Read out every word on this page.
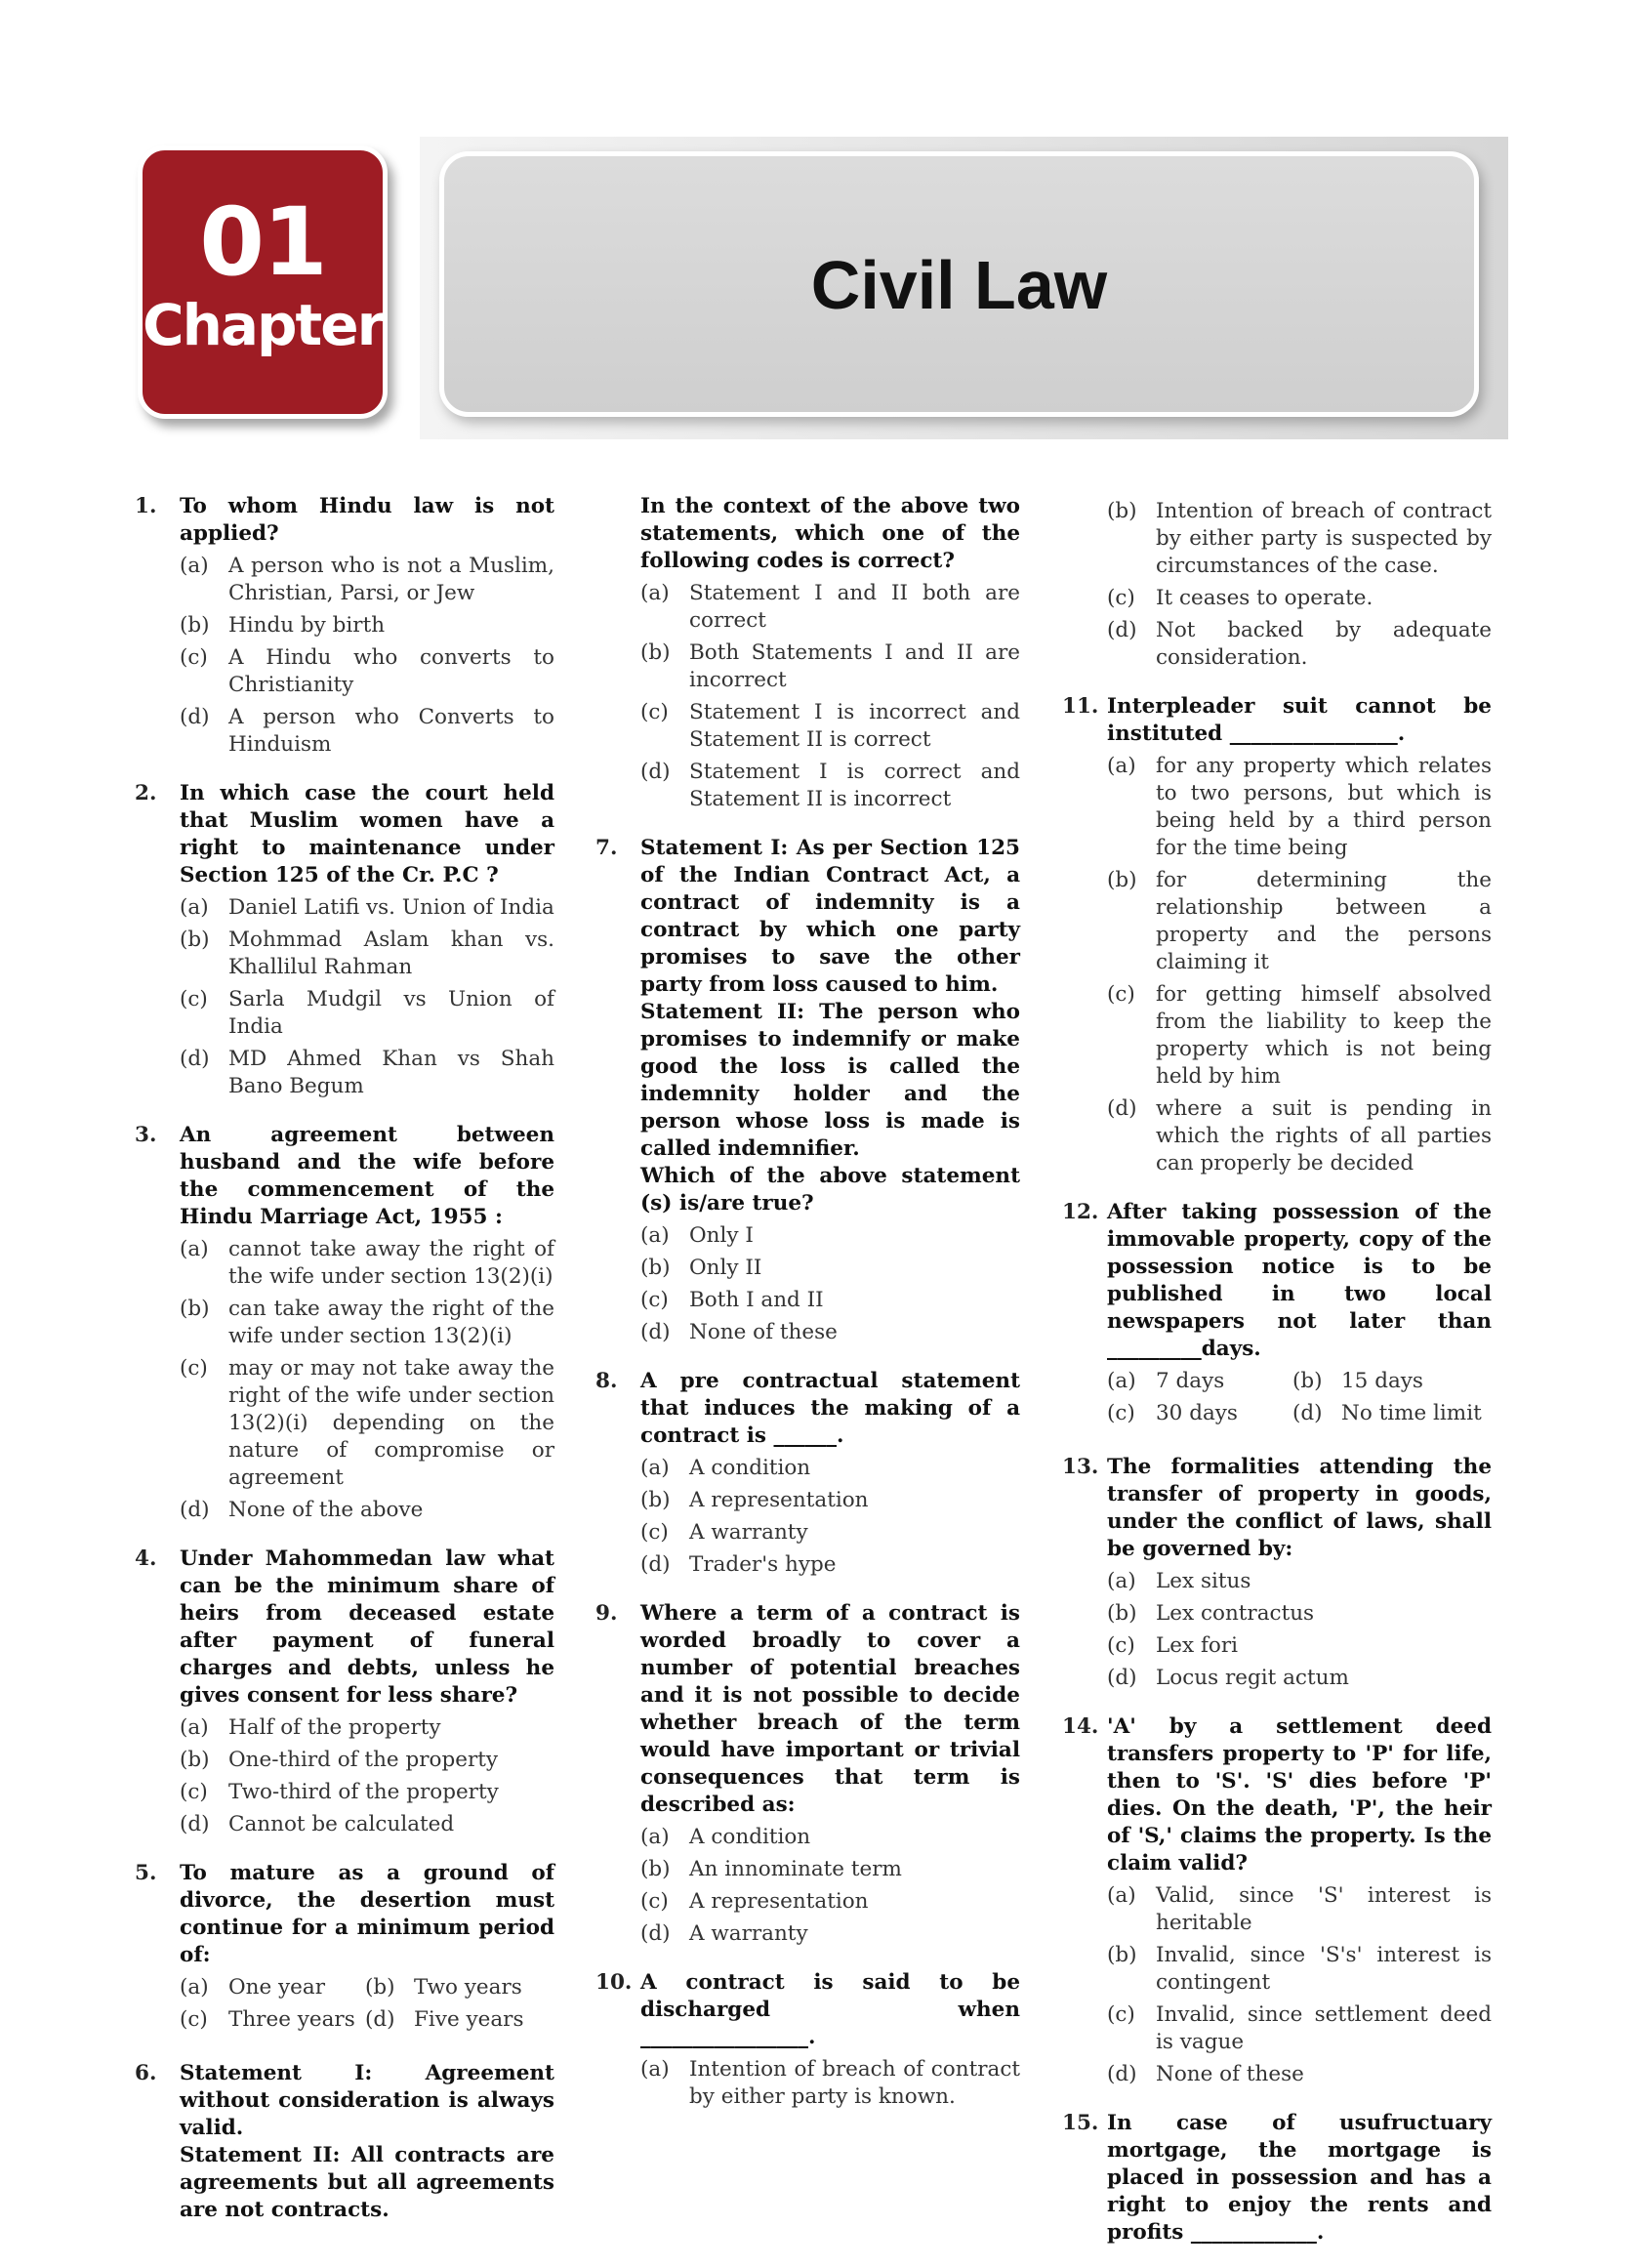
01
Chapter
Civil Law
1. To whom Hindu law is not applied?

(a) A person who is not a Muslim, Christian, Parsi, or Jew
(b) Hindu by birth
(c) A Hindu who converts to Christianity
(d) A person who Converts to Hinduism
2. In which case the court held that Muslim women have a right to maintenance under Section 125 of the Cr. P.C ?

(a) Daniel Latifi vs. Union of India
(b) Mohmmad Aslam khan vs. Khallilul Rahman
(c) Sarla Mudgil vs Union of India
(d) MD Ahmed Khan vs Shah Bano Begum
3. An agreement between husband and the wife before the commencement of the Hindu Marriage Act, 1955 :

(a) cannot take away the right of the wife under section 13(2)(i)
(b) can take away the right of the wife under section 13(2)(i)
(c) may or may not take away the right of the wife under section 13(2)(i) depending on the nature of compromise or agreement
(d) None of the above
4. Under Mahommedan law what can be the minimum share of heirs from deceased estate after payment of funeral charges and debts, unless he gives consent for less share?

(a) Half of the property
(b) One-third of the property
(c) Two-third of the property
(d) Cannot be calculated
5. To mature as a ground of divorce, the desertion must continue for a minimum period of:

(a) One year	(b) Two years
(c) Three years (d) Five years
6. Statement I: Agreement without consideration is always valid.

Statement II: All contracts are agreements but all agreements are not contracts.

In the context of the above two statements, which one of the following codes is correct?

(a) Statement I and II both are correct
(b) Both Statements I and II are incorrect
(c) Statement I is incorrect and Statement II is correct
(d) Statement I is correct and Statement II is incorrect
7. Statement I: As per Section 125 of the Indian Contract Act, a contract of indemnity is a contract by which one party promises to save the other party from loss caused to him.

Statement II: The person who promises to indemnify or make good the loss is called the indemnity holder and the person whose loss is made is called indemnifier.

Which of the above statement (s) is/are true?

(a) Only I
(b) Only II
(c) Both I and II
(d) None of these
8. A pre contractual statement that induces the making of a contract is ______.

(a) A condition
(b) A representation
(c) A warranty
(d) Trader's hype
9. Where a term of a contract is worded broadly to cover a number of potential breaches and it is not possible to decide whether breach of the term would have important or trivial consequences that term is described as:

(a) A condition
(b) An innominate term
(c) A representation
(d) A warranty
10. A contract is said to be discharged when ________________.

(a) Intention of breach of contract by either party is known.
(b) Intention of breach of contract by either party is suspected by circumstances of the case.
(c) It ceases to operate.
(d) Not backed by adequate consideration.
11. Interpleader suit cannot be instituted ________________.

(a) for any property which relates to two persons, but which is being held by a third person for the time being
(b) for determining the relationship between a property and the persons claiming it
(c) for getting himself absolved from the liability to keep the property which is not being held by him
(d) where a suit is pending in which the rights of all parties can properly be decided
12. After taking possession of the immovable property, copy of the possession notice is to be published in two local newspapers not later than _________days.

(a) 7 days	(b) 15 days
(c) 30 days	(d) No time limit
13. The formalities attending the transfer of property in goods, under the conflict of laws, shall be governed by:

(a) Lex situs
(b) Lex contractus
(c) Lex fori
(d) Locus regit actum
14. 'A' by a settlement deed transfers property to 'P' for life, then to 'S'. 'S' dies before 'P' dies. On the death, 'P', the heir of 'S,' claims the property. Is the claim valid?

(a) Valid, since 'S' interest is heritable
(b) Invalid, since 'S's' interest is contingent
(c) Invalid, since settlement deed is vague
(d) None of these
15. In case of usufructuary mortgage, the mortgage is placed in possession and has a right to enjoy the rents and profits ____________.
